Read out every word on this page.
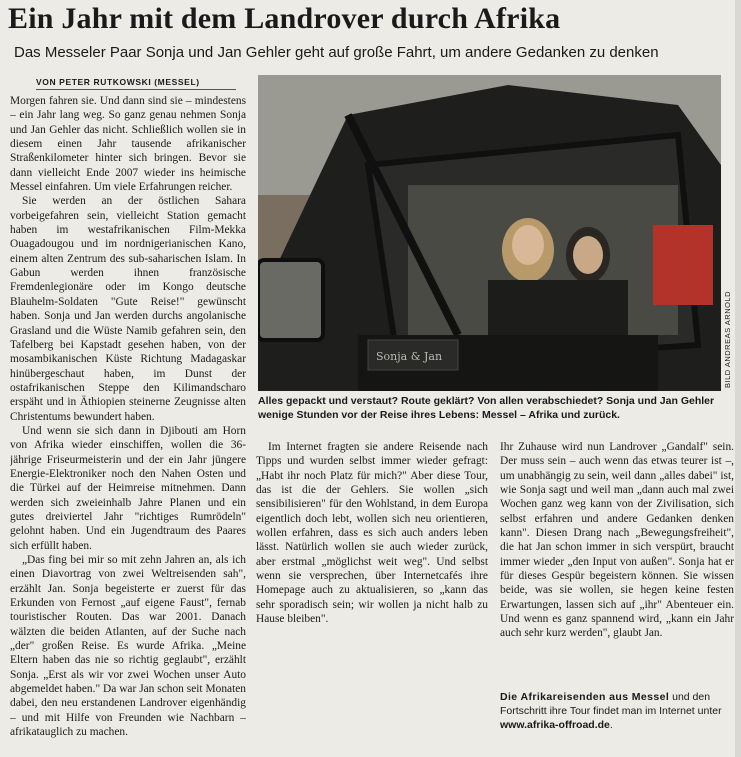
Ein Jahr mit dem Landrover durch Afrika
Das Messeler Paar Sonja und Jan Gehler geht auf große Fahrt, um andere Gedanken zu denken
VON PETER RUTKOWSKI (MESSEL)

Morgen fahren sie. Und dann sind sie – mindestens – ein Jahr lang weg. So ganz genau nehmen Sonja und Jan Gehler das nicht. Schließlich wollen sie in diesem einen Jahr tausende afrikanischer Straßenkilometer hinter sich bringen. Bevor sie dann vielleicht Ende 2007 wieder ins heimische Messel einfahren. Um viele Erfahrungen reicher.

Sie werden an der östlichen Sahara vorbeigefahren sein, vielleicht Station gemacht haben im westafrikanischen Film-Mekka Ouagadougou und im nordnigerianischen Kano, einem alten Zentrum des sub-saharischen Islam. In Gabun werden ihnen französische Fremdenlegionäre oder im Kongo deutsche Blauhelm-Soldaten "Gute Reise!" gewünscht haben. Sonja und Jan werden durchs angolanische Grasland und die Wüste Namib gefahren sein, den Tafelberg bei Kapstadt gesehen haben, von der mosambikanischen Küste Richtung Madagaskar hinübergeschaut haben, im Dunst der ostafrikanischen Steppe den Kilimandscharo erspäht und in Äthiopien steinerne Zeugnisse alten Christentums bewundert haben.

Und wenn sie sich dann in Djibouti am Horn von Afrika wieder einschiffen, wollen die 36-jährige Friseurmeisterin und der ein Jahr jüngere Energie-Elektroniker noch den Nahen Osten und die Türkei auf der Heimreise mitnehmen. Dann werden sich zweieinhalb Jahre Planen und ein gutes dreiviertel Jahr "richtiges Rumrödeln" gelohnt haben. Und ein Jugendtraum des Paares sich erfüllt haben.

„Das fing bei mir so mit zehn Jahren an, als ich einen Diavortrag von zwei Weltreisenden sah", erzählt Jan. Sonja begeisterte er zuerst für das Erkunden von Fernost „auf eigene Faust", fernab touristischer Routen. Das war 2001. Danach wälzten die beiden Atlanten, auf der Suche nach „der" großen Reise. Es wurde Afrika. „Meine Eltern haben das nie so richtig geglaubt", erzählt Sonja. „Erst als wir vor zwei Wochen unser Auto abgemeldet haben." Da war Jan schon seit Monaten dabei, den neu erstandenen Landrover eigenhändig – und mit Hilfe von Freunden wie Nachbarn – afrikatauglich zu machen.

Im Internet fragten sie andere Reisende nach Tipps und wurden selbst immer wieder gefragt: „Habt ihr noch Platz für mich?" Aber diese Tour, das ist die der Gehlers. Sie wollen „sich sensibilisieren" für den Wohlstand, in dem Europa eigentlich doch lebt, wollen sich neu orientieren, wollen erfahren, dass es sich auch anders leben lässt. Natürlich wollen sie auch wieder zurück, aber erstmal „möglichst weit weg". Und selbst wenn sie versprechen, über Internetcafés ihre Homepage auch zu aktualisieren, so „kann das sehr sporadisch sein; wir wollen ja nicht halb zu Hause bleiben".

Ihr Zuhause wird nun Landrover „Gandalf" sein. Der muss sein – auch wenn das etwas teurer ist –, um unabhängig zu sein, weil dann „alles dabei" ist, wie Sonja sagt und weil man „dann auch mal zwei Wochen ganz weg kann von der Zivilisation, sich selbst erfahren und andere Gedanken denken kann". Diesen Drang nach „Bewegungsfreiheit", die hat Jan schon immer in sich verspürt, braucht immer wieder „den Input von außen". Sonja hat er für dieses Gespür begeistern können. Sie wissen beide, was sie wollen, sie hegen keine festen Erwartungen, lassen sich auf „ihr" Abenteuer ein. Und wenn es ganz spannend wird, „kann ein Jahr auch sehr kurz werden", glaubt Jan.

Die Afrikareisenden aus Messel und den Fortschritt ihre Tour findet man im Internet unter www.afrika-offroad.de.
Sonja & Jan	BILD ANDREAS ARNOLD
Alles gepackt und verstaut? Route geklärt? Von allen verabschiedet? Sonja und Jan Gehler wenige Stunden vor der Reise ihres Lebens: Messel – Afrika und zurück.
